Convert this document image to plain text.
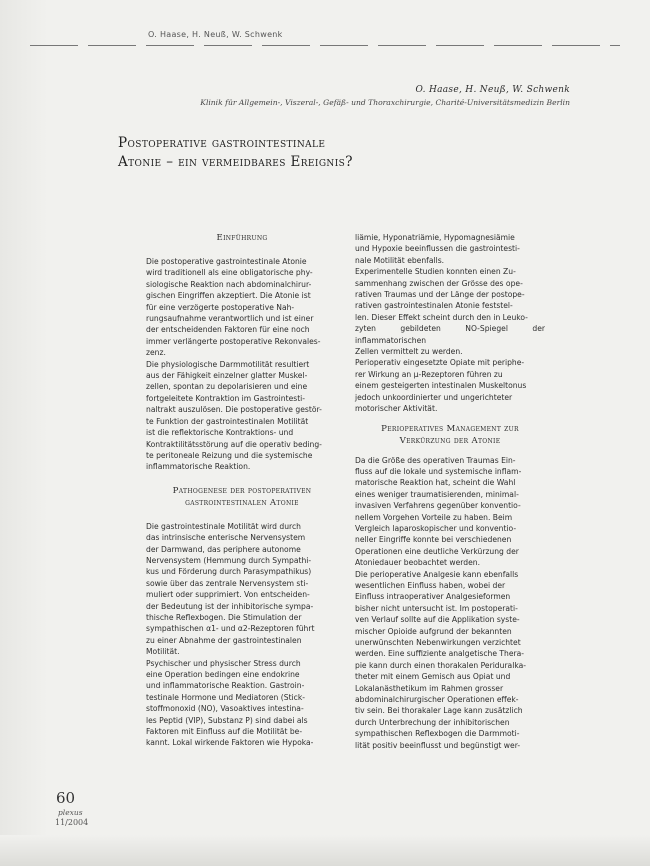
O. Haase, H. Neuß, W. Schwenk
O. Haase, H. Neuß, W. Schwenk
Klinik für Allgemein-, Viszeral-, Gefäß- und Thoraxchirurgie, Charité-Universitätsmedizin Berlin
Postoperative gastrointestinale
Atonie – ein vermeidbares Ereignis?
Einführung

Die postoperative gastrointestinale Atonie
wird traditionell als eine obligatorische phy-
siologische Reaktion nach abdominalchirur-
gischen Eingriffen akzeptiert. Die Atonie ist
für eine verzögerte postoperative Nah-
rungsaufnahme verantwortlich und ist einer
der entscheidenden Faktoren für eine noch
immer verlängerte postoperative Rekonvales-
zenz.

Die physiologische Darmmotilität resultiert
aus der Fähigkeit einzelner glatter Muskel-
zellen, spontan zu depolarisieren und eine
fortgeleitete Kontraktion im Gastrointesti-
naltrakt auszulösen. Die postoperative gestör-
te Funktion der gastrointestinalen Motilität
ist die reflektorische Kontraktions- und
Kontraktilitätsstörung auf die operativ beding-
te peritoneale Reizung und die systemische
inflammatorische Reaktion.

Pathogenese der postoperativen
gastrointestinalen Atonie

Die gastrointestinale Motilität wird durch
das intrinsische enterische Nervensystem
der Darmwand, das periphere autonome
Nervensystem (Hemmung durch Sympathi-
kus und Förderung durch Parasympathikus)
sowie über das zentrale Nervensystem sti-
muliert oder supprimiert. Von entscheiden-
der Bedeutung ist der inhibitorische sympa-
thische Reflexbogen. Die Stimulation der
sympathischen α1- und α2-Rezeptoren führt
zu einer Abnahme der gastrointestinalen
Motilität.

Psychischer und physischer Stress durch
eine Operation bedingen eine endokrine
und inflammatorische Reaktion. Gastroin-
testinale Hormone und Mediatoren (Stick-
stoffmonoxid (NO), Vasoaktives intestina-
les Peptid (VIP), Substanz P) sind dabei als
Faktoren mit Einfluss auf die Motilität be-
kannt. Lokal wirkende Faktoren wie Hypoka-

liämie, Hyponatriämie, Hypomagnesiämie
und Hypoxie beeinflussen die gastrointesti-
nale Motilität ebenfalls.

Experimentelle Studien konnten einen Zu-
sammenhang zwischen der Grösse des ope-
rativen Traumas und der Länge der postope-
rativen gastrointestinalen Atonie feststel-
len. Dieser Effekt scheint durch den in Leuko-
zyten gebildeten NO-Spiegel der inflammatorischen
Zellen vermittelt zu werden.

Perioperativ eingesetzte Opiate mit periphe-
rer Wirkung an μ-Rezeptoren führen zu
einem gesteigerten intestinalen Muskeltonus
jedoch unkoordinierter und ungerichteter
motorischer Aktivität.

Perioperatives Management zur
Verkürzung der Atonie

Da die Größe des operativen Traumas Ein-
fluss auf die lokale und systemische inflam-
matorische Reaktion hat, scheint die Wahl
eines weniger traumatisierenden, minimal-
invasiven Verfahrens gegenüber konventio-
nellem Vorgehen Vorteile zu haben. Beim
Vergleich laparoskopischer und konventio-
neller Eingriffe konnte bei verschiedenen
Operationen eine deutliche Verkürzung der
Atoniedauer beobachtet werden.

Die perioperative Analgesie kann ebenfalls
wesentlichen Einfluss haben, wobei der
Einfluss intraoperativer Analgesieformen
bisher nicht untersucht ist. Im postoperati-
ven Verlauf sollte auf die Applikation syste-
mischer Opioide aufgrund der bekannten
unerwünschten Nebenwirkungen verzichtet
werden. Eine suffiziente analgetische Thera-
pie kann durch einen thorakalen Periduralka-
theter mit einem Gemisch aus Opiat und
Lokalanästhetikum im Rahmen grosser
abdominalchirurgischer Operationen effek-
tiv sein. Bei thorakaler Lage kann zusätzlich
durch Unterbrechung der inhibitorischen
sympathischen Reflexbogen die Darmmoti-
lität positiv beeinflusst und begünstigt wer-

60
plexus
11/2004
